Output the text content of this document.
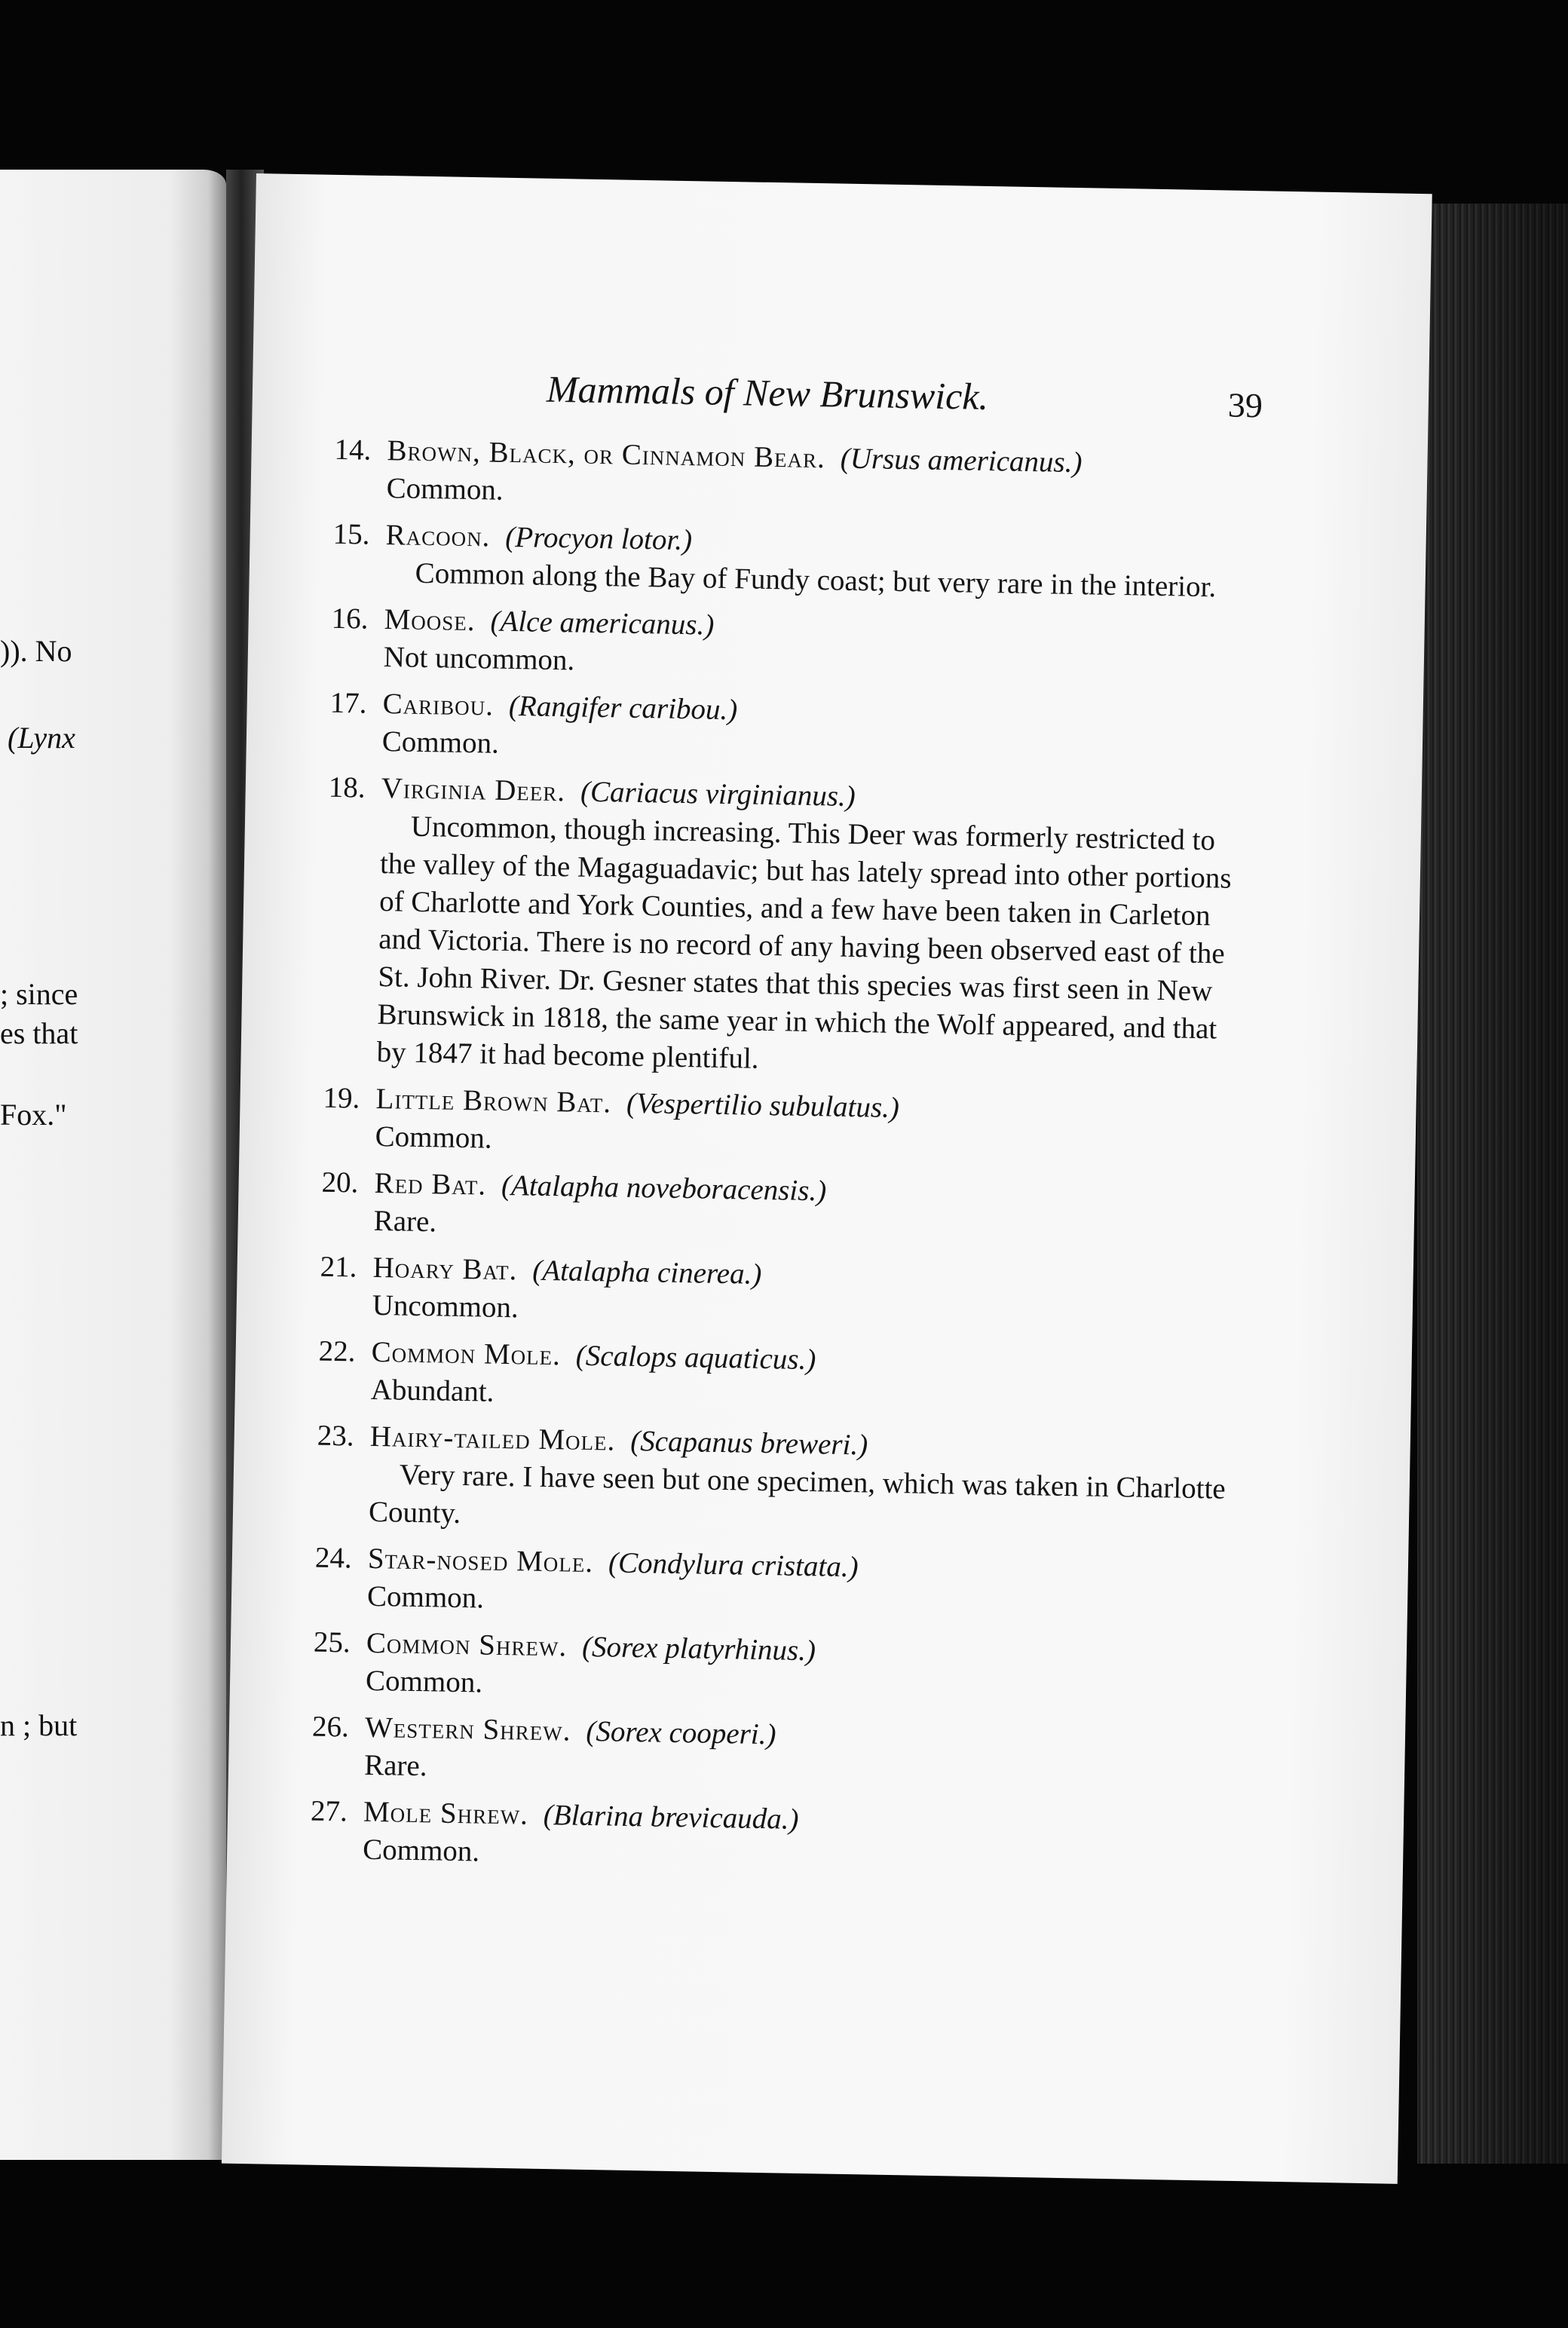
)). No
(Lynx
; since
es that
Fox."
n ; but
Mammals of New Brunswick.	39
14. Brown, Black, or Cinnamon Bear. (Ursus americanus.)
Common.
15. Racoon. (Procyon lotor.)
Common along the Bay of Fundy coast; but very rare in the interior.
16. Moose. (Alce americanus.)
Not uncommon.
17. Caribou. (Rangifer caribou.)
Common.
18. Virginia Deer. (Cariacus virginianus.)
Uncommon, though increasing. This Deer was formerly restricted to the valley of the Magaguadavic; but has lately spread into other portions of Charlotte and York Counties, and a few have been taken in Carleton and Victoria. There is no record of any having been observed east of the St. John River. Dr. Gesner states that this species was first seen in New Brunswick in 1818, the same year in which the Wolf appeared, and that by 1847 it had become plentiful.
19. Little Brown Bat. (Vespertilio subulatus.)
Common.
20. Red Bat. (Atalapha noveboracensis.)
Rare.
21. Hoary Bat. (Atalapha cinerea.)
Uncommon.
22. Common Mole. (Scalops aquaticus.)
Abundant.
23. Hairy-tailed Mole. (Scapanus breweri.)
Very rare. I have seen but one specimen, which was taken in Charlotte County.
24. Star-nosed Mole. (Condylura cristata.)
Common.
25. Common Shrew. (Sorex platyrhinus.)
Common.
26. Western Shrew. (Sorex cooperi.)
Rare.
27. Mole Shrew. (Blarina brevicauda.)
Common.
